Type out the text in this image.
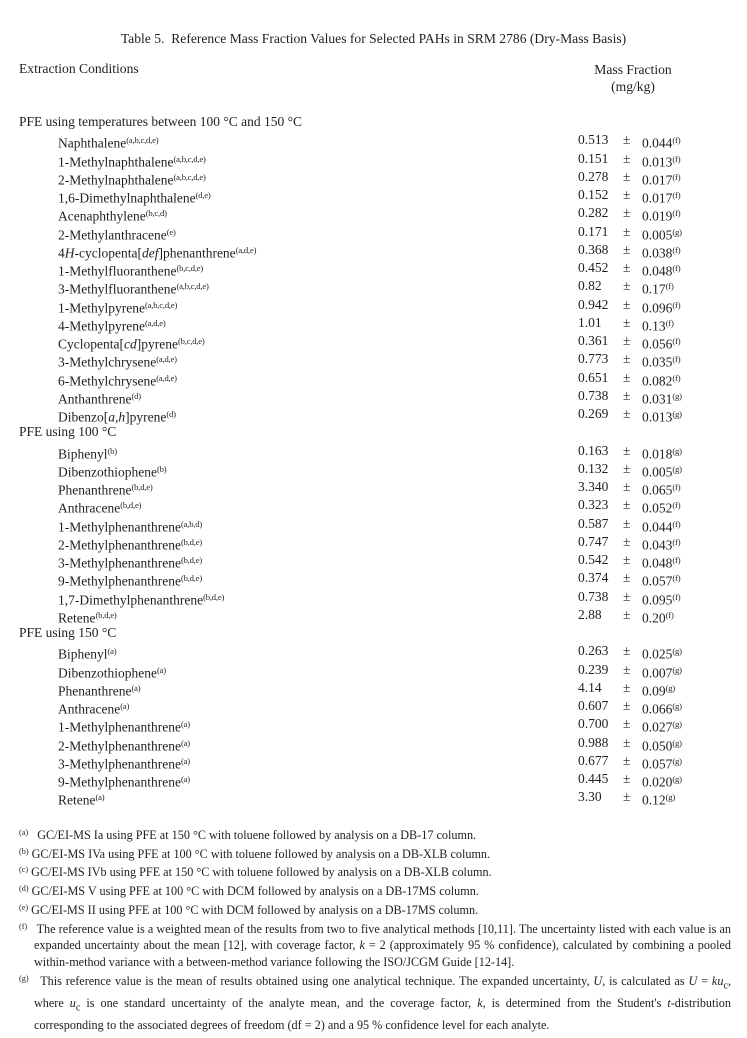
Table 5.  Reference Mass Fraction Values for Selected PAHs in SRM 2786 (Dry-Mass Basis)
Extraction Conditions	Mass Fraction
(mg/kg)
PFE using temperatures between 100 °C and 150 °C
Naphthalene$^{(a,b,c,d,e)}$	$0.513 \pm 0.044^{(f)}$
1-Methylnaphthalene$^{(a,b,c,d,e)}$	$0.151 \pm 0.013^{(f)}$
2-Methylnaphthalene$^{(a,b,c,d,e)}$	$0.278 \pm 0.017^{(f)}$
1,6-Dimethylnaphthalene$^{(d,e)}$	$0.152 \pm 0.017^{(f)}$
Acenaphthylene$^{(b,c,d)}$	$0.282 \pm 0.019^{(f)}$
2-Methylanthracene$^{(e)}$	$0.171 \pm 0.005^{(g)}$
4H-cyclopenta[def]phenanthrene$^{(a,d,e)}$	$0.368 \pm 0.038^{(f)}$
1-Methylfluoranthene$^{(b,c,d,e)}$	$0.452 \pm 0.048^{(f)}$
3-Methylfluoranthene$^{(a,b,c,d,e)}$	$0.82 \pm 0.17^{(f)}$
1-Methylpyrene$^{(a,b,c,d,e)}$	$0.942 \pm 0.096^{(f)}$
4-Methylpyrene$^{(a,d,e)}$	$1.01 \pm 0.13^{(f)}$
Cyclopenta[cd]pyrene$^{(b,c,d,e)}$	$0.361 \pm 0.056^{(f)}$
3-Methylchrysene$^{(a,d,e)}$	$0.773 \pm 0.035^{(f)}$
6-Methylchrysene$^{(a,d,e)}$	$0.651 \pm 0.082^{(f)}$
Anthanthrene$^{(d)}$	$0.738 \pm 0.031^{(g)}$
Dibenzo[a,h]pyrene$^{(d)}$	$0.269 \pm 0.013^{(g)}$
PFE using 100 °C
Biphenyl$^{(b)}$	$0.163 \pm 0.018^{(g)}$
Dibenzothiophene$^{(b)}$	$0.132 \pm 0.005^{(g)}$
Phenanthrene$^{(b,d,e)}$	$3.340 \pm 0.065^{(f)}$
Anthracene$^{(b,d,e)}$	$0.323 \pm 0.052^{(f)}$
1-Methylphenanthrene$^{(a,b,d)}$	$0.587 \pm 0.044^{(f)}$
2-Methylphenanthrene$^{(b,d,e)}$	$0.747 \pm 0.043^{(f)}$
3-Methylphenanthrene$^{(b,d,e)}$	$0.542 \pm 0.048^{(f)}$
9-Methylphenanthrene$^{(b,d,e)}$	$0.374 \pm 0.057^{(f)}$
1,7-Dimethylphenanthrene$^{(b,d,e)}$	$0.738 \pm 0.095^{(f)}$
Retene$^{(b,d,e)}$	$2.88 \pm 0.20^{(f)}$
PFE using 150 °C
Biphenyl$^{(a)}$	$0.263 \pm 0.025^{(g)}$
Dibenzothiophene$^{(a)}$	$0.239 \pm 0.007^{(g)}$
Phenanthrene$^{(a)}$	$4.14 \pm 0.09^{(g)}$
Anthracene$^{(a)}$	$0.607 \pm 0.066^{(g)}$
1-Methylphenanthrene$^{(a)}$	$0.700 \pm 0.027^{(g)}$
2-Methylphenanthrene$^{(a)}$	$0.988 \pm 0.050^{(g)}$
3-Methylphenanthrene$^{(a)}$	$0.677 \pm 0.057^{(g)}$
9-Methylphenanthrene$^{(a)}$	$0.445 \pm 0.020^{(g)}$
Retene$^{(a)}$	$3.30 \pm 0.12^{(g)}$
$^{(a)}$ GC/EI-MS Ia using PFE at 150 °C with toluene followed by analysis on a DB-17 column.
$^{(b)}$ GC/EI-MS IVa using PFE at 100 °C with toluene followed by analysis on a DB-XLB column.
$^{(c)}$ GC/EI-MS IVb using PFE at 150 °C with toluene followed by analysis on a DB-XLB column.
$^{(d)}$ GC/EI-MS V using PFE at 100 °C with DCM followed by analysis on a DB-17MS column.
$^{(e)}$ GC/EI-MS II using PFE at 100 °C with DCM followed by analysis on a DB-17MS column.
$^{(f)}$ The reference value is a weighted mean of the results from two to five analytical methods [10,11]. The uncertainty listed with each value is an expanded uncertainty about the mean [12], with coverage factor, k = 2 (approximately 95 % confidence), calculated by combining a pooled within-method variance with a between-method variance following the ISO/JCGM Guide [12-14].
$^{(g)}$ This reference value is the mean of results obtained using one analytical technique. The expanded uncertainty, U, is calculated as $U = ku_c$, where $u_c$ is one standard uncertainty of the analyte mean, and the coverage factor, k, is determined from the Student's t-distribution corresponding to the associated degrees of freedom (df = 2) and a 95 % confidence level for each analyte.
